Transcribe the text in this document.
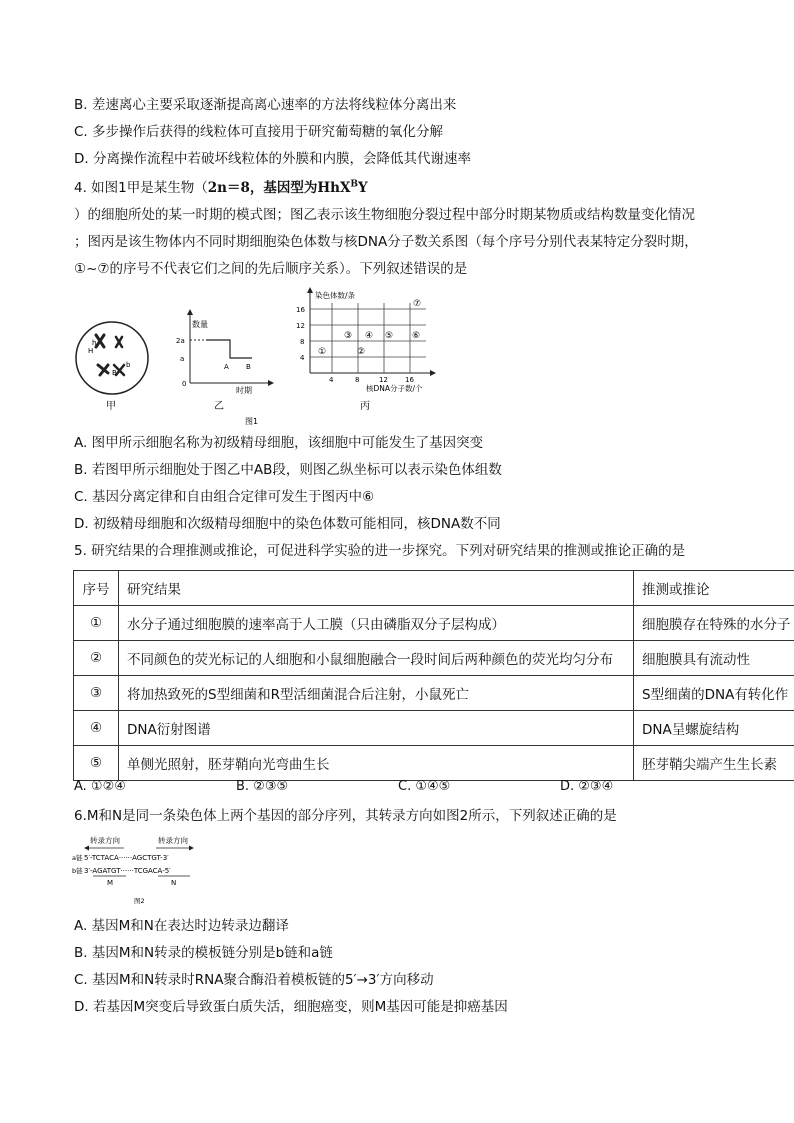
B. 差速离心主要采取逐渐提高离心速率的方法将线粒体分离出来
C. 多步操作后获得的线粒体可直接用于研究葡萄糖的氧化分解
D. 分离操作流程中若破坏线粒体的外膜和内膜，会降低其代谢速率
4. 如图1甲是某生物（2n＝8，基因型为HhX$^B$Y
）的细胞所处的某一时期的模式图；图乙表示该生物细胞分裂过程中部分时期某物质或结构数量变化情况
；图丙是该生物体内不同时期细胞染色体数与核DNA分子数关系图（每个序号分别代表某特定分裂时期，
①~⑦的序号不代表它们之间的先后顺序关系）。下列叙述错误的是
H
h
B
b
甲
数量
2a
a
0
A B
时期
乙
染色体数/条
16
12
8
4
4	8	12 16
核DNA分子数/个
①	②
③ ④ ⑤ ⑥
⑦
丙
图1
A. 图甲所示细胞名称为初级精母细胞，该细胞中可能发生了基因突变
B. 若图甲所示细胞处于图乙中AB段，则图乙纵坐标可以表示染色体组数
C. 基因分离定律和自由组合定律可发生于图丙中⑥
D. 初级精母细胞和次级精母细胞中的染色体数可能相同，核DNA数不同
5. 研究结果的合理推测或推论，可促进科学实验的进一步探究。下列对研究结果的推测或推论正确的是
序号	研究结果	推测或推论
①	水分子通过细胞膜的速率高于人工膜（只由磷脂双分子层构成）	细胞膜存在特殊的水分子
②	不同颜色的荧光标记的人细胞和小鼠细胞融合一段时间后两种颜色的荧光均匀分布	细胞膜具有流动性
③	将加热致死的S型细菌和R型活细菌混合后注射，小鼠死亡	S型细菌的DNA有转化作
④	DNA衍射图谱	DNA呈螺旋结构
⑤	单侧光照射，胚芽鞘向光弯曲生长	胚芽鞘尖端产生生长素
A. ①②④	B. ②③⑤	C. ①④⑤	D. ②③④
6.M和N是同一条染色体上两个基因的部分序列，其转录方向如图2所示，下列叙述正确的是
转录方向	转录方向
a链 5′-TCTACA······AGCTGT-3′
b链 3′-AGATGT······TCGACA-5′
M	N
图2
A. 基因M和N在表达时边转录边翻译
B. 基因M和N转录的模板链分别是b链和a链
C. 基因M和N转录时RNA聚合酶沿着模板链的5′→3′方向移动
D. 若基因M突变后导致蛋白质失活，细胞癌变，则M基因可能是抑癌基因
